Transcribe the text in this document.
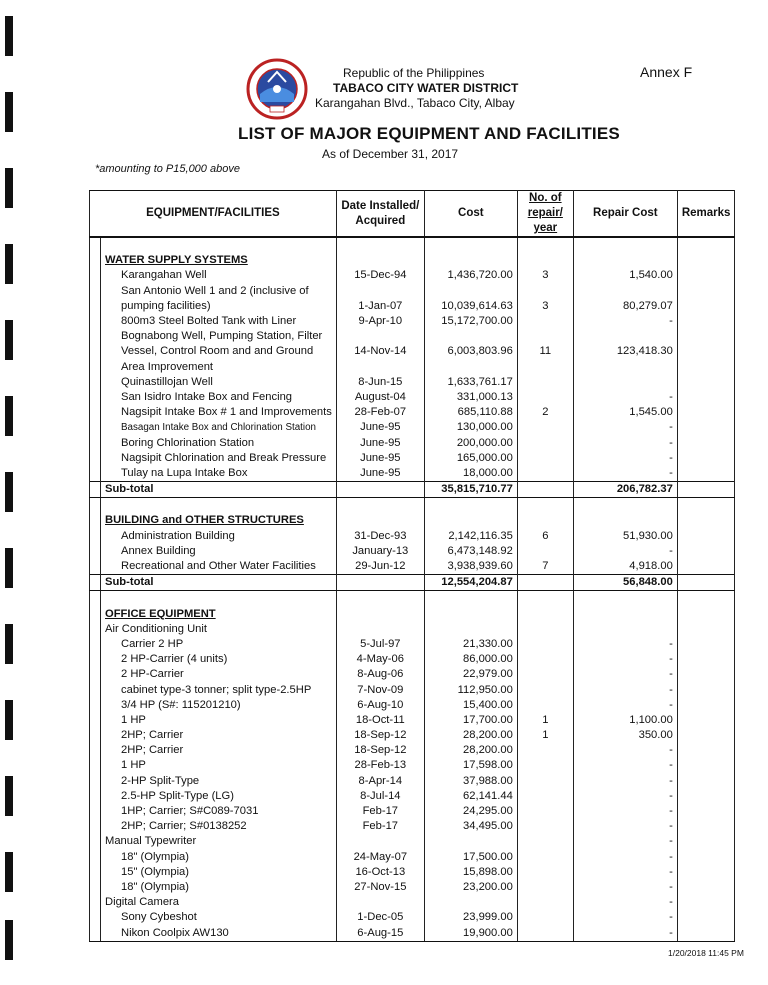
Republic of the Philippines
TABACO CITY WATER DISTRICT
Karangahan Blvd., Tabaco City, Albay
Annex F
LIST OF MAJOR EQUIPMENT AND FACILITIES
As of December 31, 2017
*amounting to P15,000 above
EQUIPMENT/FACILITIES		Date Installed/ Acquired	Cost	No. of repair/ year	Repair Cost	Remarks

	WATER SUPPLY SYSTEMS					
	Karangahan Well	15-Dec-94	1,436,720.00	3	1,540.00	
	San Antonio Well 1 and 2 (inclusive of					
	pumping facilities)	1-Jan-07	10,039,614.63	3	80,279.07	
	800m3 Steel Bolted Tank with Liner	9-Apr-10	15,172,700.00		-	
	Bognabong Well, Pumping Station, Filter					
	Vessel, Control Room and and Ground	14-Nov-14	6,003,803.96	11	123,418.30	
	Area Improvement					
	Quinastillojan Well	8-Jun-15	1,633,761.17			
	San Isidro Intake Box and Fencing	August-04	331,000.13		-	
	Nagsipit Intake Box # 1 and Improvements	28-Feb-07	685,110.88	2	1,545.00	
	Basagan Intake Box and Chlorination Station	June-95	130,000.00		-	
	Boring Chlorination Station	June-95	200,000.00		-	
	Nagsipit Chlorination and Break Pressure	June-95	165,000.00		-	
	Tulay na Lupa Intake Box	June-95	18,000.00		-	
	Sub-total		35,815,710.77		206,782.37	

	BUILDING and OTHER STRUCTURES					
	Administration Building	31-Dec-93	2,142,116.35	6	51,930.00	
	Annex Building	January-13	6,473,148.92		-	
	Recreational and Other Water Facilities	29-Jun-12	3,938,939.60	7	4,918.00	
	Sub-total		12,554,204.87		56,848.00	

	OFFICE EQUIPMENT					
	Air Conditioning Unit					
	Carrier 2 HP	5-Jul-97	21,330.00		-	
	2 HP-Carrier (4 units)	4-May-06	86,000.00		-	
	2 HP-Carrier	8-Aug-06	22,979.00		-	
	cabinet type-3 tonner; split type-2.5HP	7-Nov-09	112,950.00		-	
	3/4 HP (S#: 115201210)	6-Aug-10	15,400.00		-	
	1 HP	18-Oct-11	17,700.00	1	1,100.00	
	2HP; Carrier	18-Sep-12	28,200.00	1	350.00	
	2HP; Carrier	18-Sep-12	28,200.00		-	
	1 HP	28-Feb-13	17,598.00		-	
	2-HP Split-Type	8-Apr-14	37,988.00		-	
	2.5-HP Split-Type (LG)	8-Jul-14	62,141.44		-	
	1HP; Carrier; S#C089-7031	Feb-17	24,295.00		-	
	2HP; Carrier; S#0138252	Feb-17	34,495.00		-	
	Manual Typewriter				-	
	18" (Olympia)	24-May-07	17,500.00		-	
	15" (Olympia)	16-Oct-13	15,898.00		-	
	18" (Olympia)	27-Nov-15	23,200.00		-	
	Digital Camera				-	
	Sony Cybeshot	1-Dec-05	23,999.00		-	
	Nikon Coolpix AW130	6-Aug-15	19,900.00		-	
1/20/2018 11:45 PM
